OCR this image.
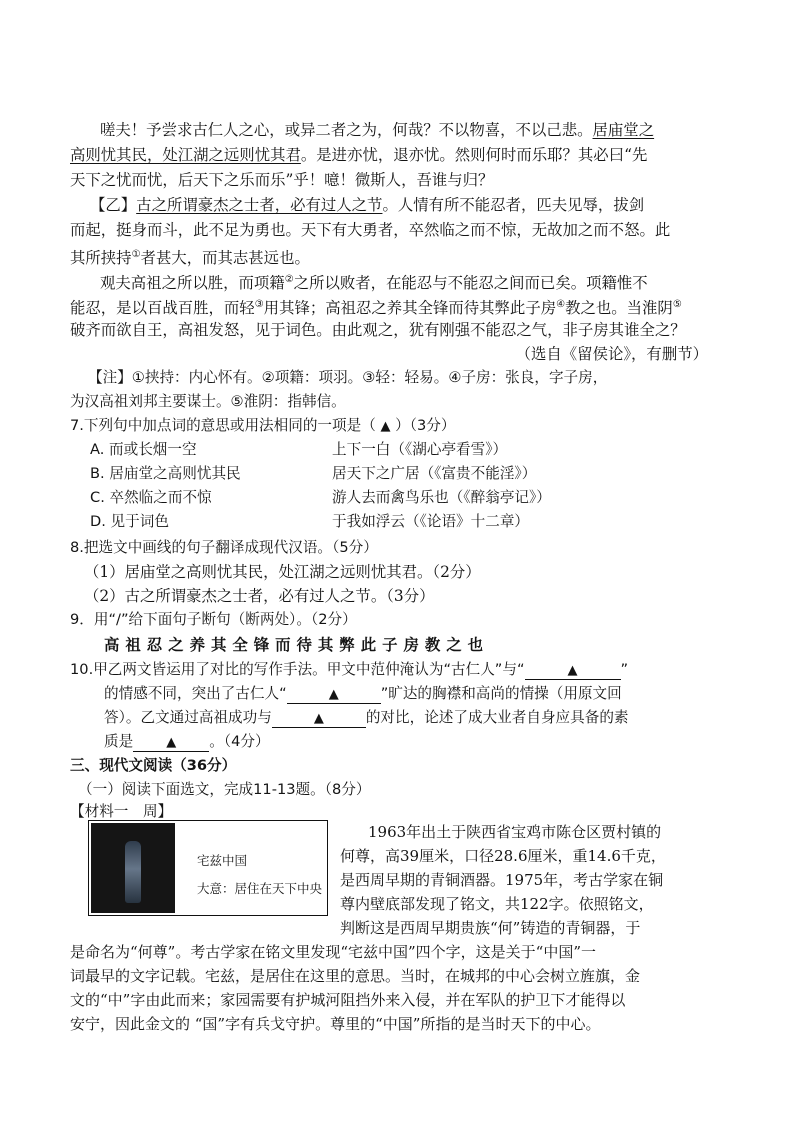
嗟夫！予尝求古仁人之心，或异二者之为，何哉？不以物喜，不以己悲。居庙堂之
高则忧其民，处江湖之远则忧其君。是进亦忧，退亦忧。然则何时而乐耶？其必曰“先
天下之忧而忧，后天下之乐而乐”乎！噫！微斯人，吾谁与归？
【乙】古之所谓豪杰之士者，必有过人之节。人情有所不能忍者，匹夫见辱，拔剑
而起，挺身而斗，此不足为勇也。天下有大勇者，卒然临之而不惊，无故加之而不怒。此
其所挟持①者甚大，而其志甚远也。
观夫高祖之所以胜，而项籍②之所以败者，在能忍与不能忍之间而已矣。项籍惟不
能忍，是以百战百胜，而轻③用其锋；高祖忍之养其全锋而待其弊此子房④教之也。当淮阴⑤
破齐而欲自王，高祖发怒，见于词色。由此观之，犹有刚强不能忍之气，非子房其谁全之？
（选自《留侯论》，有删节）
【注】①挟持：内心怀有。②项籍：项羽。③轻：轻易。④子房：张良，字子房，
为汉高祖刘邦主要谋士。⑤淮阴：指韩信。
7.下列句中加点词的意思或用法相同的一项是（ ▲ ）（3分）
A. 而或长烟一空	上下一白（《湖心亭看雪》）
B. 居庙堂之高则忧其民	居天下之广居（《富贵不能淫》）
C. 卒然临之而不惊	游人去而禽鸟乐也（《醉翁亭记》）
D. 见于词色	于我如浮云（《论语》十二章）
8.把选文中画线的句子翻译成现代汉语。（5分）
（1）居庙堂之高则忧其民，处江湖之远则忧其君。（2分）
（2）古之所谓豪杰之士者，必有过人之节。（3分）
9．用“/”给下面句子断句（断两处）。（2分）
高祖忍之养其全锋而待其弊此子房教之也
10.甲乙两文皆运用了对比的写作手法。甲文中范仲淹认为“古仁人”与“	▲	”
的情感不同，突出了古仁人“	▲	”旷达的胸襟和高尚的情操（用原文回
答）。乙文通过高祖成功与	▲	的对比，论述了成大业者自身应具备的素
质是	▲ 。（4分）
三、现代文阅读（36分）
（一）阅读下面选文，完成11-13题。（8分）
【材料一　周】
宅兹中国
大意：居住在天下中央
1963年出土于陕西省宝鸡市陈仓区贾村镇的
何尊，高39厘米，口径28.6厘米，重14.6千克，
是西周早期的青铜酒器。1975年，考古学家在铜
尊内壁底部发现了铭文，共122字。依照铭文，
判断这是西周早期贵族“何”铸造的青铜器，于
是命名为“何尊”。考古学家在铭文里发现“宅兹中国”四个字，这是关于“中国”一
词最早的文字记载。宅兹，是居住在这里的意思。当时，在城邦的中心会树立旌旗，金
文的“中”字由此而来；家园需要有护城河阻挡外来入侵，并在军队的护卫下才能得以
安宁，因此金文的 “国”字有兵戈守护。尊里的“中国”所指的是当时天下的中心。
